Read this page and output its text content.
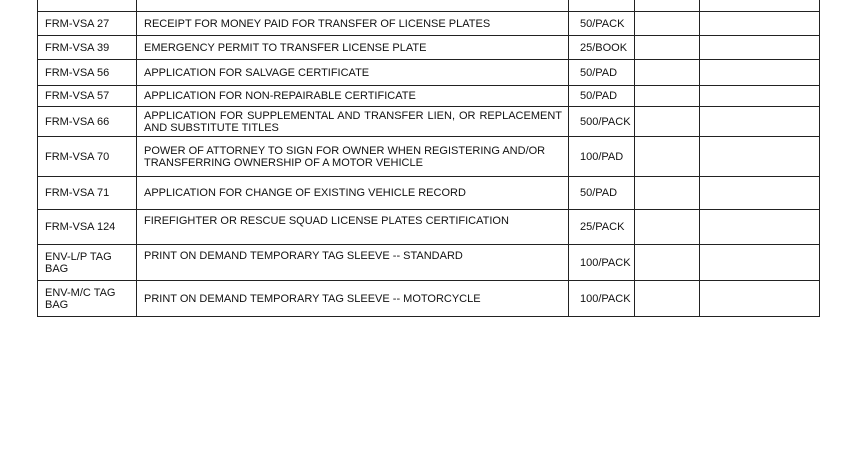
FRM-VSA 27	RECEIPT FOR MONEY PAID FOR TRANSFER OF LICENSE PLATES	50/PACK		
FRM-VSA 39	EMERGENCY PERMIT TO TRANSFER LICENSE PLATE	25/BOOK		
FRM-VSA 56	APPLICATION FOR SALVAGE CERTIFICATE	50/PAD		
FRM-VSA 57	APPLICATION FOR NON-REPAIRABLE CERTIFICATE	50/PAD		
FRM-VSA 66	APPLICATION FOR SUPPLEMENTAL AND TRANSFER LIEN, OR REPLACEMENT AND SUBSTITUTE TITLES	500/PACK		
FRM-VSA 70	POWER OF ATTORNEY TO SIGN FOR OWNER WHEN REGISTERING AND/OR TRANSFERRING OWNERSHIP OF A MOTOR VEHICLE	100/PAD		
FRM-VSA 71	APPLICATION FOR CHANGE OF EXISTING VEHICLE RECORD	50/PAD		
FRM-VSA 124	FIREFIGHTER OR RESCUE SQUAD LICENSE PLATES CERTIFICATION	25/PACK		
ENV-L/P TAG BAG	PRINT ON DEMAND TEMPORARY TAG SLEEVE -- STANDARD	100/PACK		
ENV-M/C TAG BAG	PRINT ON DEMAND TEMPORARY TAG SLEEVE -- MOTORCYCLE	100/PACK		
